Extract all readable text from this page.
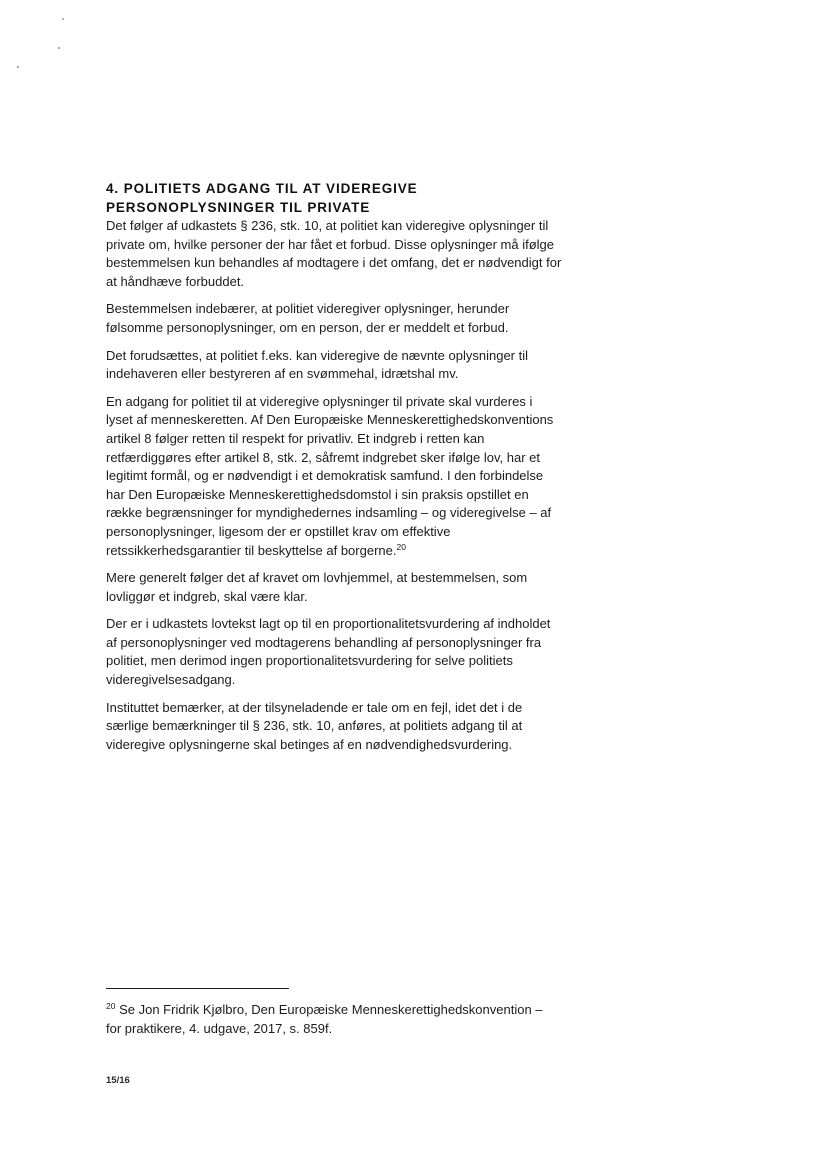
4. POLITIETS ADGANG TIL AT VIDEREGIVE
PERSONOPLYSNINGER TIL PRIVATE

Det følger af udkastets § 236, stk. 10, at politiet kan videregive oplysninger til private om, hvilke personer der har fået et forbud. Disse oplysninger må ifølge bestemmelsen kun behandles af modtagere i det omfang, det er nødvendigt for at håndhæve forbuddet.

Bestemmelsen indebærer, at politiet videregiver oplysninger, herunder følsomme personoplysninger, om en person, der er meddelt et forbud.

Det forudsættes, at politiet f.eks. kan videregive de nævnte oplysninger til indehaveren eller bestyreren af en svømmehal, idrætshal mv.

En adgang for politiet til at videregive oplysninger til private skal vurderes i lyset af menneskeretten. Af Den Europæiske Menneskerettighedskonventions artikel 8 følger retten til respekt for privatliv. Et indgreb i retten kan retfærdiggøres efter artikel 8, stk. 2, såfremt indgrebet sker ifølge lov, har et legitimt formål, og er nødvendigt i et demokratisk samfund. I den forbindelse har Den Europæiske Menneskerettighedsdomstol i sin praksis opstillet en række begrænsninger for myndighedernes indsamling – og videregivelse – af personoplysninger, ligesom der er opstillet krav om effektive retssikkerhedsgarantier til beskyttelse af borgerne.$^{20}$

Mere generelt følger det af kravet om lovhjemmel, at bestemmelsen, som lovliggør et indgreb, skal være klar.

Der er i udkastets lovtekst lagt op til en proportionalitetsvurdering af indholdet af personoplysninger ved modtagerens behandling af personoplysninger fra politiet, men derimod ingen proportionalitetsvurdering for selve politiets videregivelsesadgang.

Instituttet bemærker, at der tilsyneladende er tale om en fejl, idet det i de særlige bemærkninger til § 236, stk. 10, anføres, at politiets adgang til at videregive oplysningerne skal betinges af en nødvendighedsvurdering.

$^{20}$ Se Jon Fridrik Kjølbro, Den Europæiske Menneskerettighedskonvention – for praktikere, 4. udgave, 2017, s. 859f.

15/16
